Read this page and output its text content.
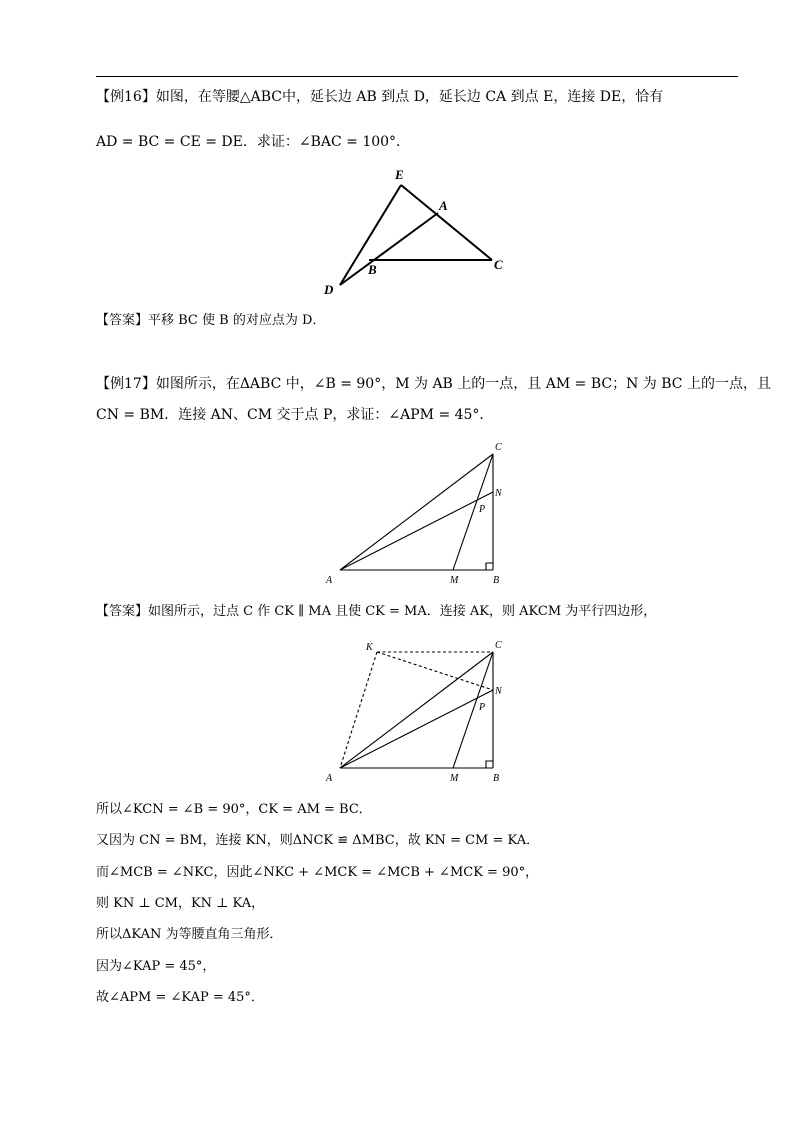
【例16】如图，在等腰△ABC中，延长边 AB 到点 D，延长边 CA 到点 E，连接 DE，恰有
AD = BC = CE = DE．求证：∠BAC = 100°．
E
A
B	C
D
【答案】平移 BC 使 B 的对应点为 D．
【例17】如图所示，在ΔABC 中，∠B = 90°，M 为 AB 上的一点，且 AM = BC；N 为 BC 上的一点，且
CN = BM．连接 AN、CM 交于点 P，求证：∠APM = 45°．
C
N
P
A	M	B
【答案】如图所示，过点 C 作 CK ∥ MA 且使 CK = MA．连接 AK，则 AKCM 为平行四边形，
K	C
N
P
A	M	B
所以∠KCN = ∠B = 90°，CK = AM = BC．
又因为 CN = BM，连接 KN，则ΔNCK ≌ ΔMBC，故 KN = CM = KA．
而∠MCB = ∠NKC，因此∠NKC + ∠MCK = ∠MCB + ∠MCK = 90°，
则 KN ⊥ CM，KN ⊥ KA，
所以ΔKAN 为等腰直角三角形．
因为∠KAP = 45°，
故∠APM = ∠KAP = 45°．
